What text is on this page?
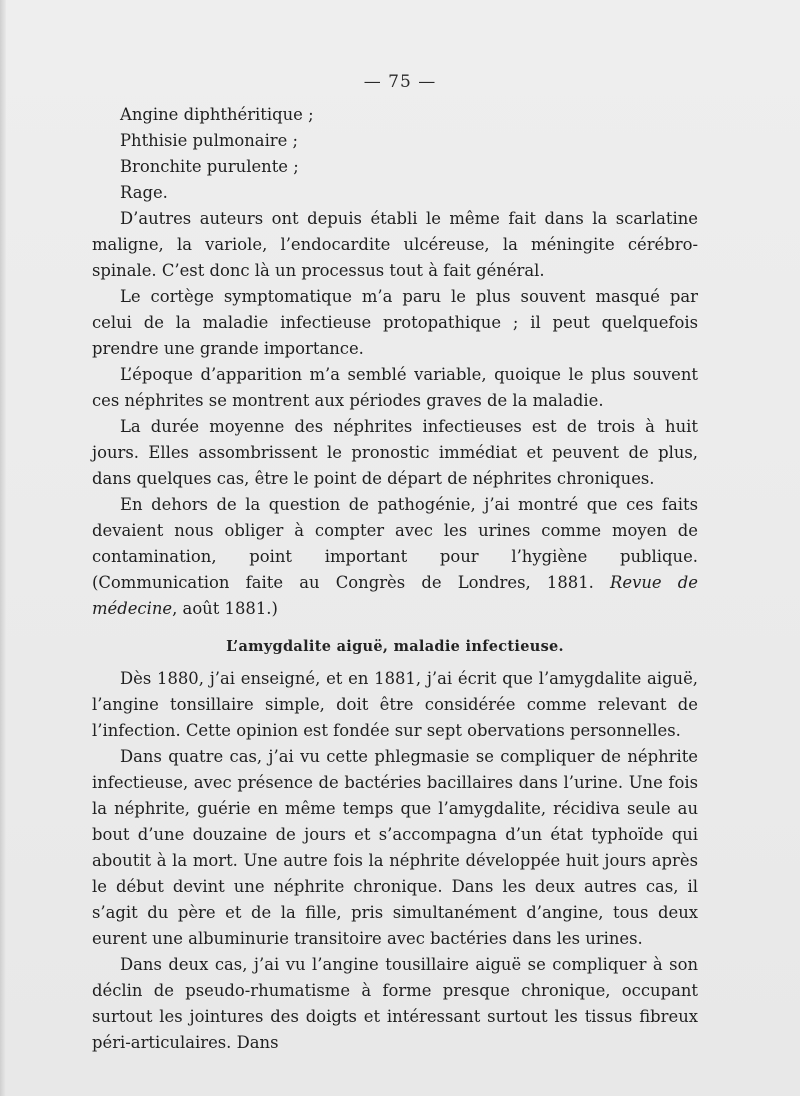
— 75 —
Angine diphthéritique ;
Phthisie pulmonaire ;
Bronchite purulente ;
Rage.
D’autres auteurs ont depuis établi le même fait dans la scarlatine maligne, la variole, l’endocardite ulcéreuse, la méningite cérébro-spinale. C’est donc là un processus tout à fait général.
Le cortège symptomatique m’a paru le plus souvent masqué par celui de la maladie infectieuse protopathique ; il peut quelquefois prendre une grande importance.
L’époque d’apparition m’a semblé variable, quoique le plus souvent ces néphrites se montrent aux périodes graves de la maladie.
La durée moyenne des néphrites infectieuses est de trois à huit jours. Elles assombrissent le pronostic immédiat et peuvent de plus, dans quelques cas, être le point de départ de néphrites chroniques.
En dehors de la question de pathogénie, j’ai montré que ces faits devaient nous obliger à compter avec les urines comme moyen de contamination, point important pour l’hygiène publique. (Communication faite au Congrès de Londres, 1881. Revue de médecine, août 1881.)
L’amygdalite aiguë, maladie infectieuse.
Dès 1880, j’ai enseigné, et en 1881, j’ai écrit que l’amygdalite aiguë, l’angine tonsillaire simple, doit être considérée comme relevant de l’infection. Cette opinion est fondée sur sept obervations personnelles.
Dans quatre cas, j’ai vu cette phlegmasie se compliquer de néphrite infectieuse, avec présence de bactéries bacillaires dans l’urine. Une fois la néphrite, guérie en même temps que l’amygdalite, récidiva seule au bout d’une douzaine de jours et s’accompagna d’un état typhoïde qui aboutit à la mort. Une autre fois la néphrite développée huit jours après le début devint une néphrite chronique. Dans les deux autres cas, il s’agit du père et de la fille, pris simultanément d’angine, tous deux eurent une albuminurie transitoire avec bactéries dans les urines.
Dans deux cas, j’ai vu l’angine tousillaire aiguë se compliquer à son déclin de pseudo-rhumatisme à forme presque chronique, occupant surtout les jointures des doigts et intéressant surtout les tissus fibreux péri-articulaires. Dans
